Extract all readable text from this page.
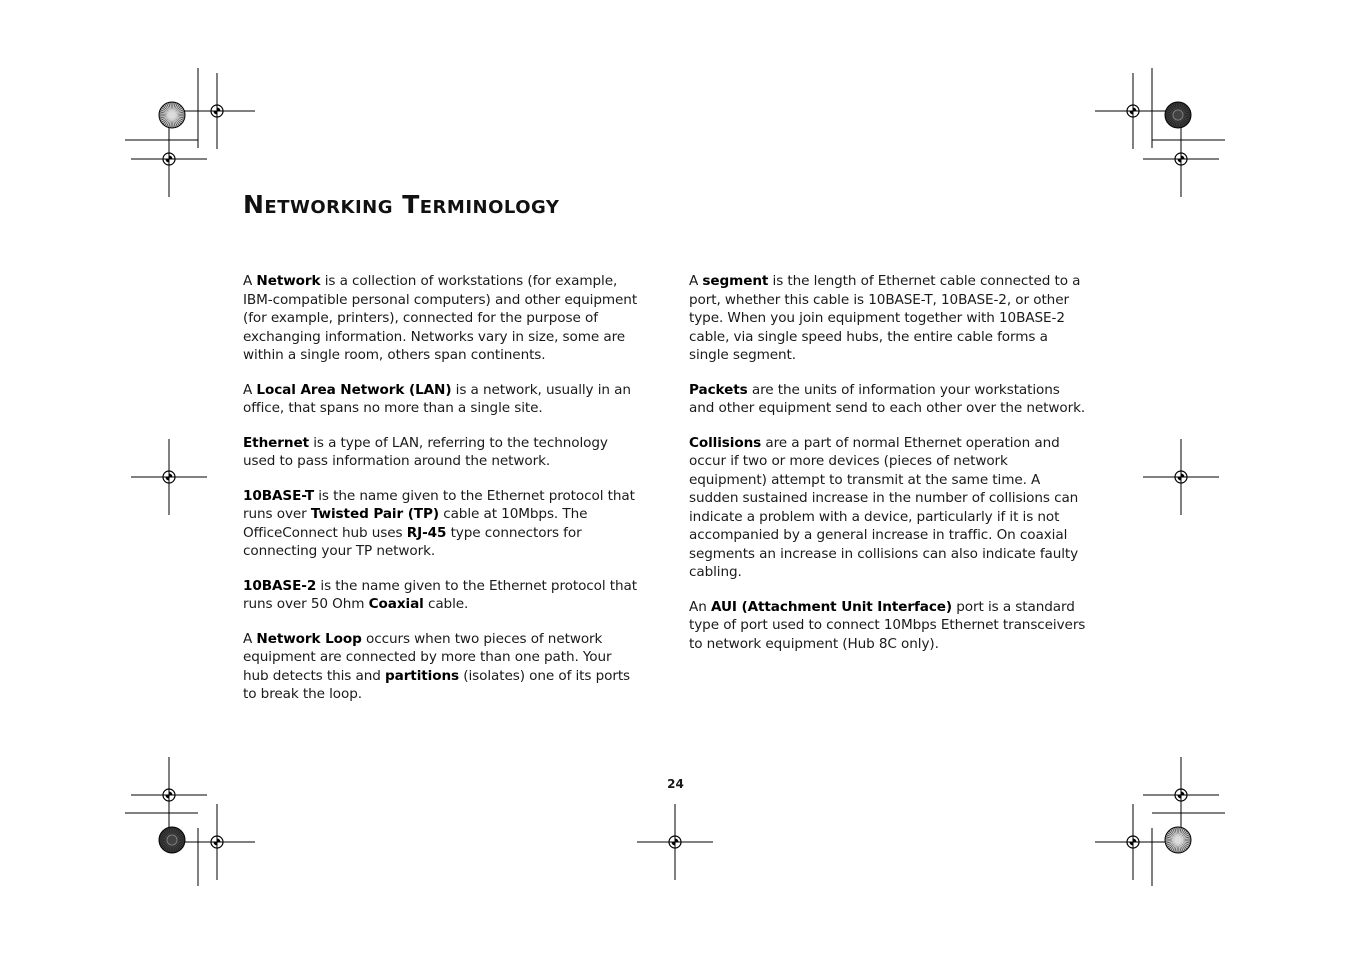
Networking Terminology

A Network is a collection of workstations (for example, IBM-compatible personal computers) and other equipment (for example, printers), connected for the purpose of exchanging information. Networks vary in size, some are within a single room, others span continents.

A Local Area Network (LAN) is a network, usually in an office, that spans no more than a single site.

Ethernet is a type of LAN, referring to the technology used to pass information around the network.

10BASE-T is the name given to the Ethernet protocol that runs over Twisted Pair (TP) cable at 10Mbps. The OfficeConnect hub uses RJ-45 type connectors for connecting your TP network.

10BASE-2 is the name given to the Ethernet protocol that runs over 50 Ohm Coaxial cable.

A Network Loop occurs when two pieces of network equipment are connected by more than one path. Your hub detects this and partitions (isolates) one of its ports to break the loop.

A segment is the length of Ethernet cable connected to a port, whether this cable is 10BASE-T, 10BASE-2, or other type. When you join equipment together with 10BASE-2 cable, via single speed hubs, the entire cable forms a single segment.

Packets are the units of information your workstations and other equipment send to each other over the network.

Collisions are a part of normal Ethernet operation and occur if two or more devices (pieces of network equipment) attempt to transmit at the same time. A sudden sustained increase in the number of collisions can indicate a problem with a device, particularly if it is not accompanied by a general increase in traffic. On coaxial segments an increase in collisions can also indicate faulty cabling.

An AUI (Attachment Unit Interface) port is a standard type of port used to connect 10Mbps Ethernet transceivers to network equipment (Hub 8C only).

24
